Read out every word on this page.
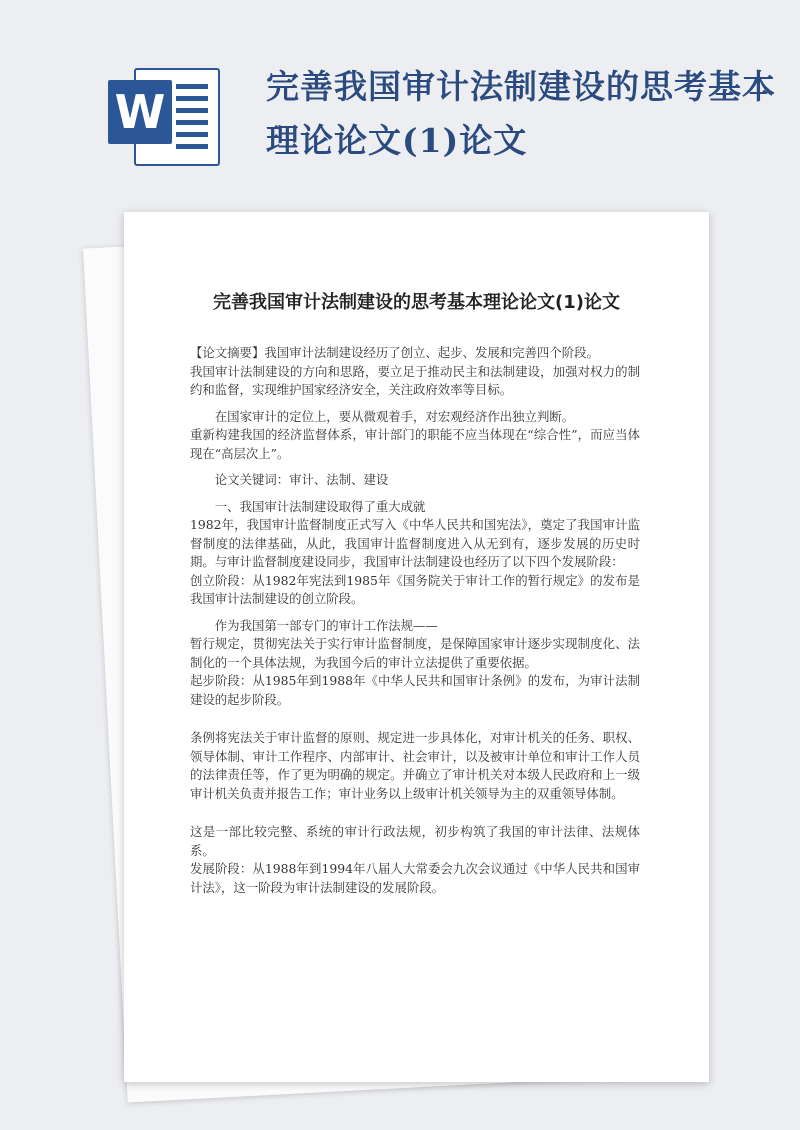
W	完善我国审计法制建设的思考基本理论论文(1)论文
完善我国审计法制建设的思考基本理论论文(1)论文

【论文摘要】我国审计法制建设经历了创立、起步、发展和完善四个阶段。

我国审计法制建设的方向和思路，要立足于推动民主和法制建设，加强对权力的制约和监督，实现维护国家经济安全，关注政府效率等目标。

在国家审计的定位上，要从微观着手，对宏观经济作出独立判断。

重新构建我国的经济监督体系，审计部门的职能不应当体现在“综合性”，而应当体现在“高层次上”。

论文关键词：审计、法制、建设

一、我国审计法制建设取得了重大成就

1982年，我国审计监督制度正式写入《中华人民共和国宪法》，奠定了我国审计监督制度的法律基础，从此，我国审计监督制度进入从无到有，逐步发展的历史时期。与审计监督制度建设同步，我国审计法制建设也经历了以下四个发展阶段：

创立阶段：从1982年宪法到1985年《国务院关于审计工作的暂行规定》的发布是我国审计法制建设的创立阶段。

作为我国第一部专门的审计工作法规——

暂行规定，贯彻宪法关于实行审计监督制度，是保障国家审计逐步实现制度化、法制化的一个具体法规，为我国今后的审计立法提供了重要依据。

起步阶段：从1985年到1988年《中华人民共和国审计条例》的发布，为审计法制建设的起步阶段。

条例将宪法关于审计监督的原则、规定进一步具体化，对审计机关的任务、职权、领导体制、审计工作程序、内部审计、社会审计，以及被审计单位和审计工作人员的法律责任等，作了更为明确的规定。并确立了审计机关对本级人民政府和上一级审计机关负责并报告工作；审计业务以上级审计机关领导为主的双重领导体制。

这是一部比较完整、系统的审计行政法规，初步构筑了我国的审计法律、法规体系。

发展阶段：从1988年到1994年八届人大常委会九次会议通过《中华人民共和国审计法》，这一阶段为审计法制建设的发展阶段。
